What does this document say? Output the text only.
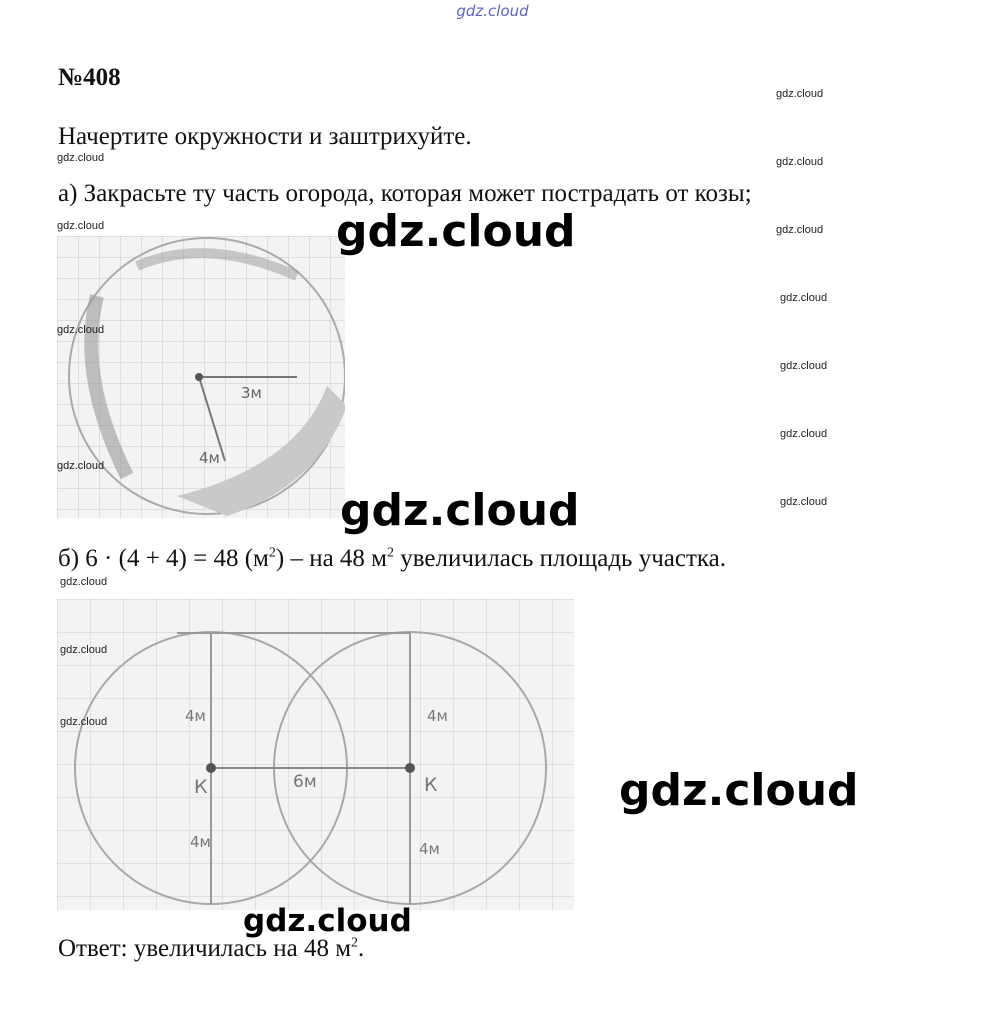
gdz.cloud
№408
Начертите окружности и заштрихуйте.
а) Закрасьте ту часть огорода, которая может пострадать от козы;
3м
4м
б) 6 · (4 + 4) = 48 $(м^2)$ – на 48 $м^2$ увеличилась площадь участка.
4м	4м
4м	4м
6м
К	К
Ответ: увеличилась на 48 $м^2$.
gdz.cloud
gdz.cloud
gdz.cloud
gdz.cloud
gdz.cloud
gdz.cloud
gdz.cloud
gdz.cloud
gdz.cloud
gdz.cloud
gdz.cloud
gdz.cloud
gdz.cloud
gdz.cloud
gdz.cloud
gdz.cloud
gdz.cloud
gdz.cloud
